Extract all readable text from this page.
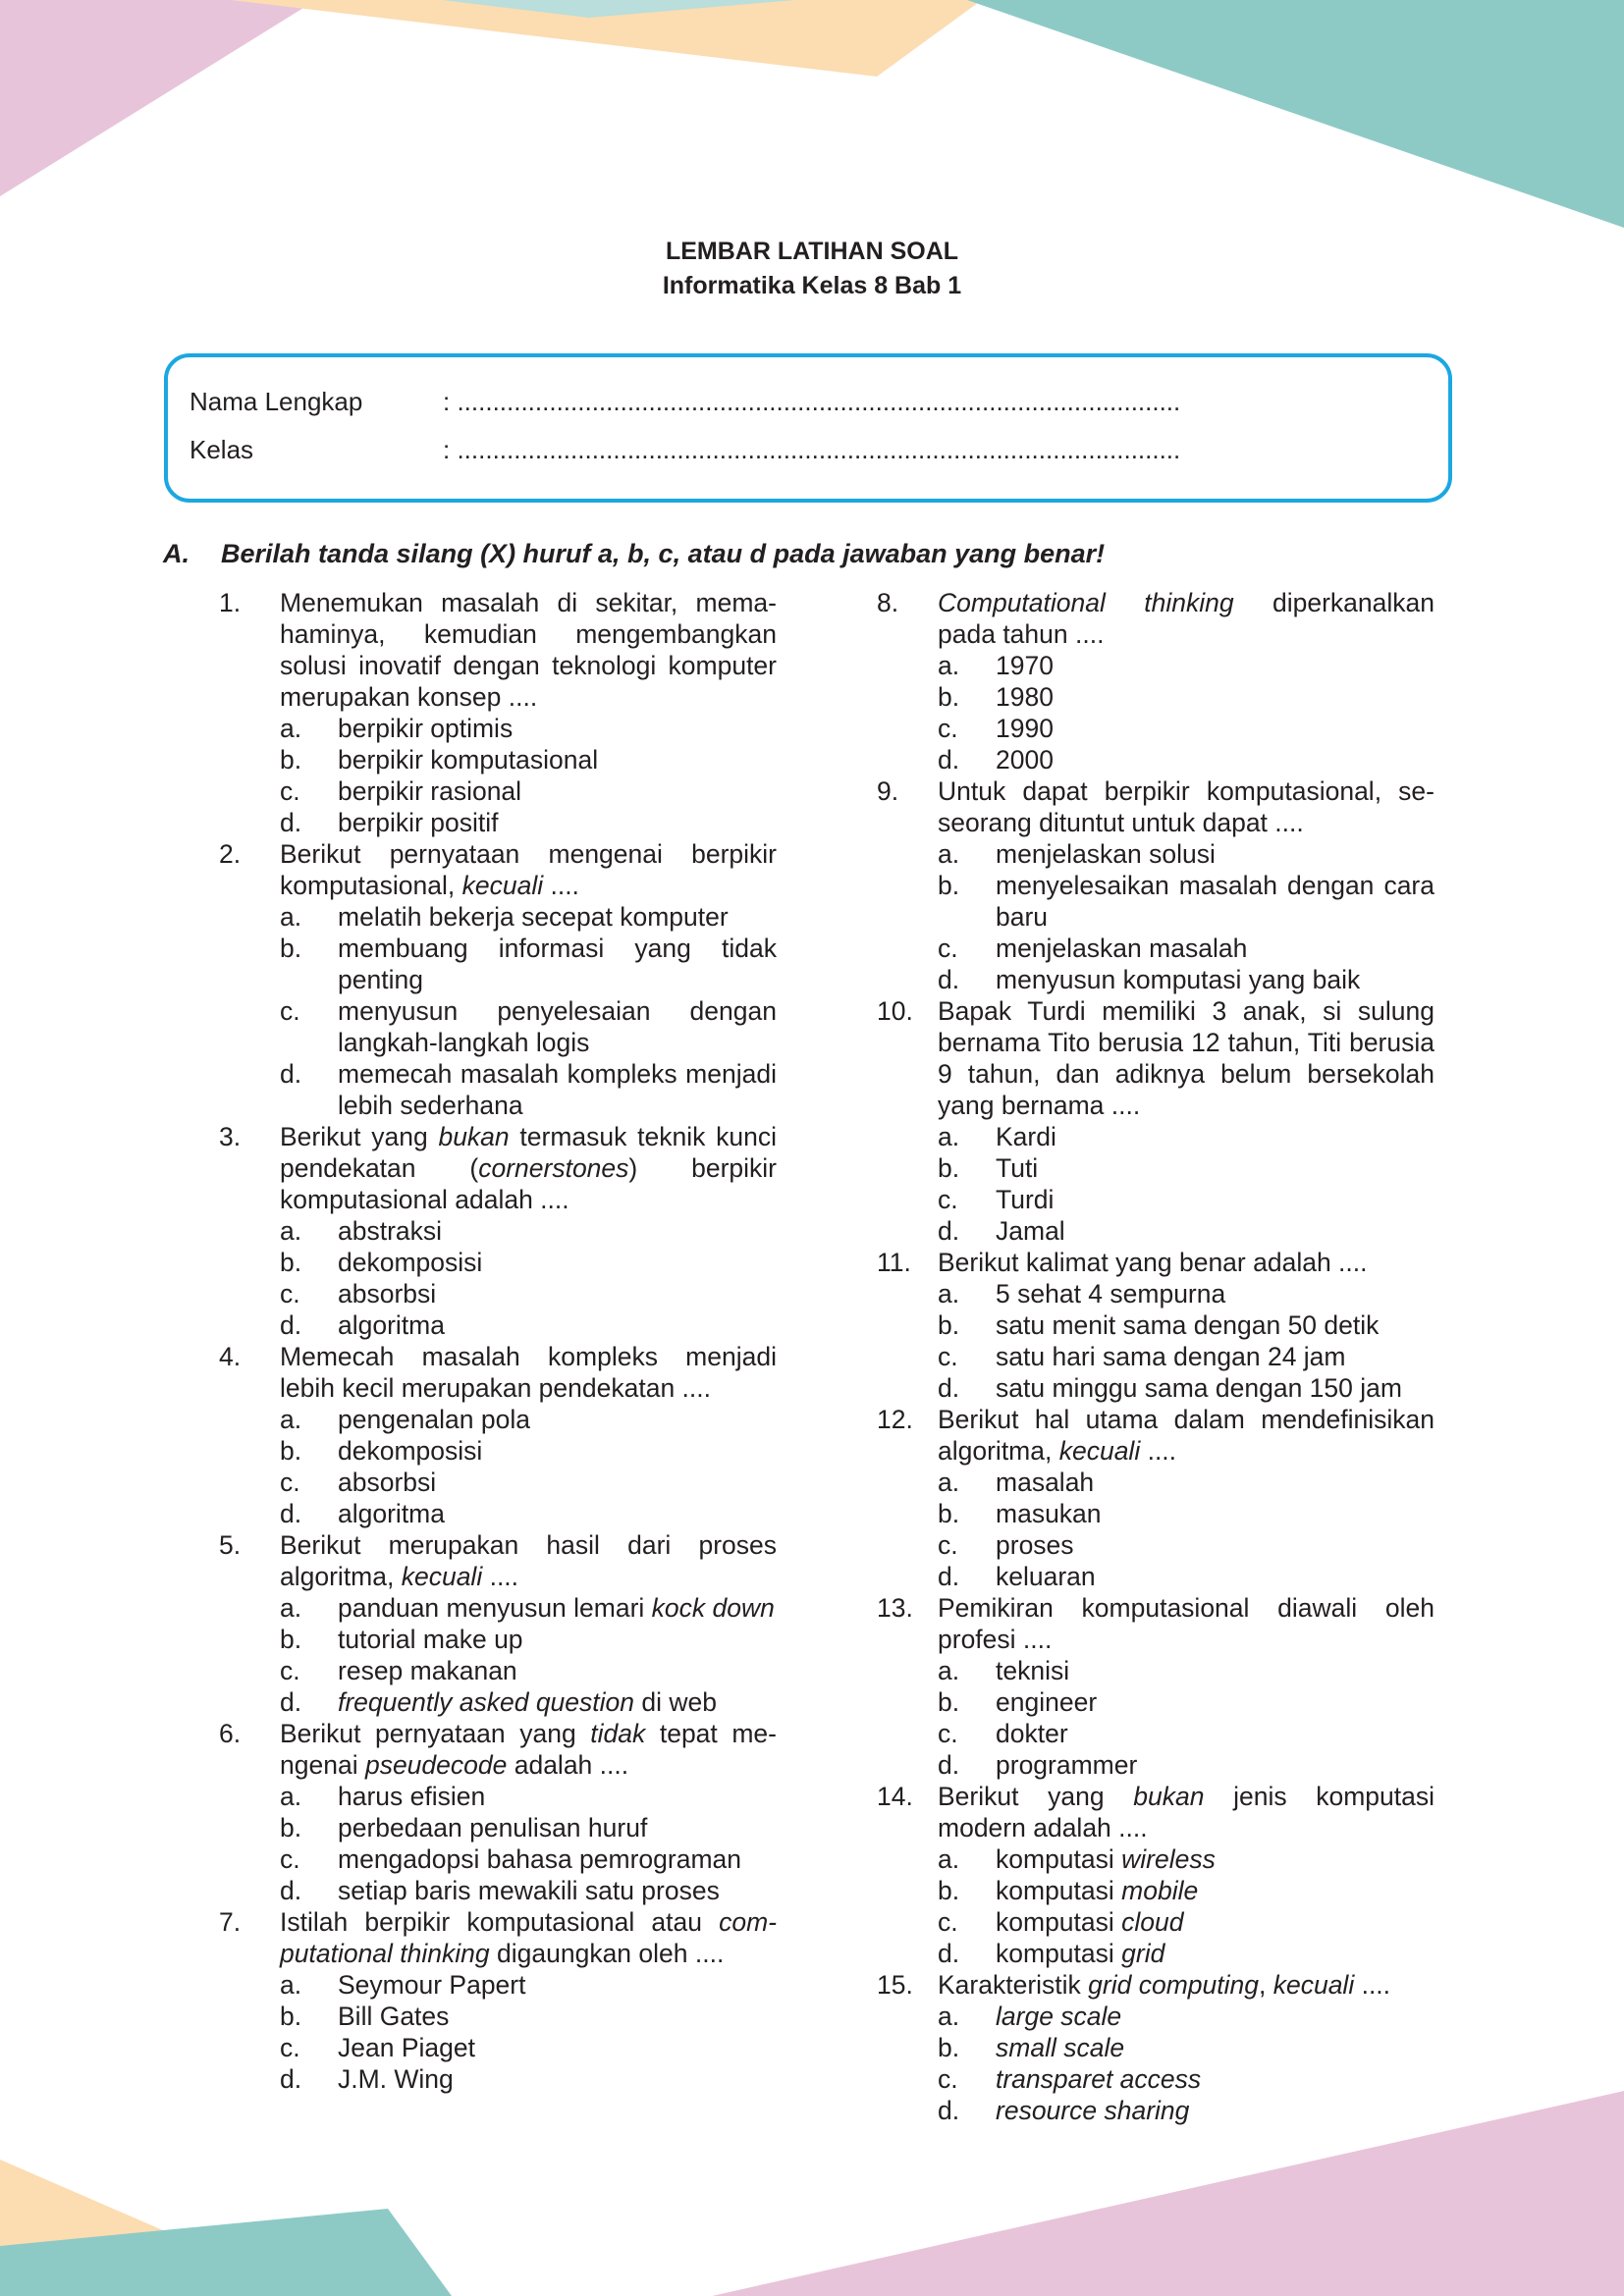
LEMBAR LATIHAN SOAL
Informatika Kelas 8 Bab 1
Nama Lengkap	: ......................................................................................................
Kelas	: ......................................................................................................
A. Berilah tanda silang (X) huruf a, b, c, atau d pada jawaban yang benar!
1. Menemukan masalah di sekitar, memahaminya, kemudian mengembangkan solusi inovatif dengan teknologi komputer merupakan konsep ....
a. berpikir optimis
b. berpikir komputasional
c. berpikir rasional
d. berpikir positif
2. Berikut pernyataan mengenai berpikir komputasional, kecuali ....
a. melatih bekerja secepat komputer
b. membuang informasi yang tidak penting
c. menyusun penyelesaian dengan langkah-langkah logis
d. memecah masalah kompleks menjadi lebih sederhana
3. Berikut yang bukan termasuk teknik kunci pendekatan (cornerstones) berpikir komputasional adalah ....
a. abstraksi
b. dekomposisi
c. absorbsi
d. algoritma
4. Memecah masalah kompleks menjadi lebih kecil merupakan pendekatan ....
a. pengenalan pola
b. dekomposisi
c. absorbsi
d. algoritma
5. Berikut merupakan hasil dari proses algoritma, kecuali ....
a. panduan menyusun lemari kock down
b. tutorial make up
c. resep makanan
d. frequently asked question di web
6. Berikut pernyataan yang tidak tepat mengenai pseudecode adalah ....
a. harus efisien
b. perbedaan penulisan huruf
c. mengadopsi bahasa pemrograman
d. setiap baris mewakili satu proses
7. Istilah berpikir komputasional atau computational thinking digaungkan oleh ....
a. Seymour Papert
b. Bill Gates
c. Jean Piaget
d. J.M. Wing
8. Computational thinking diperkanalkan pada tahun ....
a. 1970
b. 1980
c. 1990
d. 2000
9. Untuk dapat berpikir komputasional, seseorang dituntut untuk dapat ....
a. menjelaskan solusi
b. menyelesaikan masalah dengan cara baru
c. menjelaskan masalah
d. menyusun komputasi yang baik
10. Bapak Turdi memiliki 3 anak, si sulung bernama Tito berusia 12 tahun, Titi berusia 9 tahun, dan adiknya belum bersekolah yang bernama ....
a. Kardi
b. Tuti
c. Turdi
d. Jamal
11. Berikut kalimat yang benar adalah ....
a. 5 sehat 4 sempurna
b. satu menit sama dengan 50 detik
c. satu hari sama dengan 24 jam
d. satu minggu sama dengan 150 jam
12. Berikut hal utama dalam mendefinisikan algoritma, kecuali ....
a. masalah
b. masukan
c. proses
d. keluaran
13. Pemikiran komputasional diawali oleh profesi ....
a. teknisi
b. engineer
c. dokter
d. programmer
14. Berikut yang bukan jenis komputasi modern adalah ....
a. komputasi wireless
b. komputasi mobile
c. komputasi cloud
d. komputasi grid
15. Karakteristik grid computing, kecuali ....
a. large scale
b. small scale
c. transparet access
d. resource sharing
